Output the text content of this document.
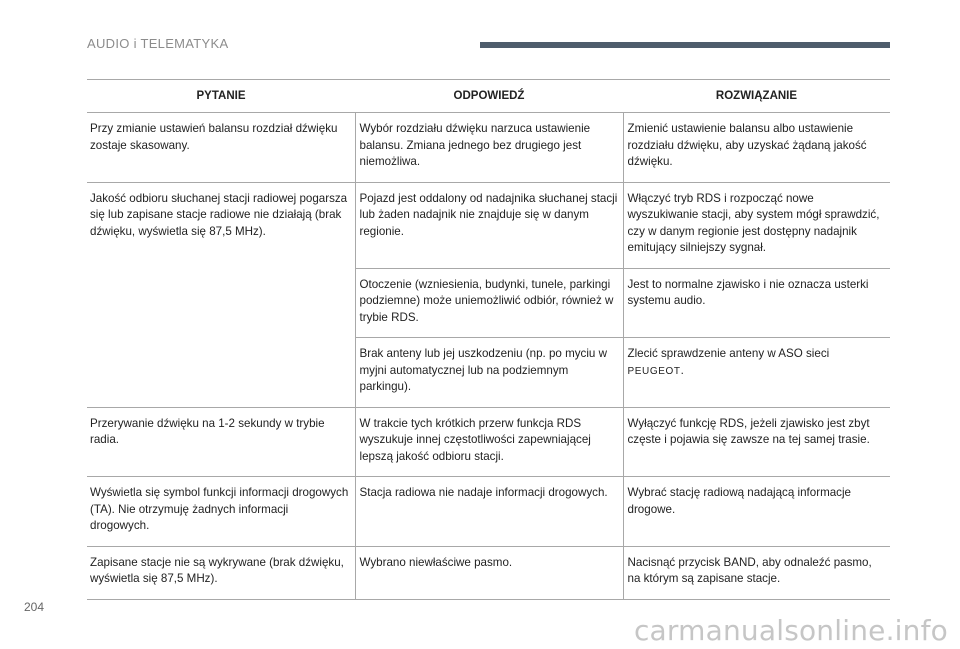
AUDIO i TELEMATYKA
PYTANIE	ODPOWIEDŹ	ROZWIĄZANIE
Przy zmianie ustawień balansu rozdział dźwięku zostaje skasowany.	Wybór rozdziału dźwięku narzuca ustawienie balansu. Zmiana jednego bez drugiego jest niemożliwa.	Zmienić ustawienie balansu albo ustawienie rozdziału dźwięku, aby uzyskać żądaną jakość dźwięku.
Jakość odbioru słuchanej stacji radiowej pogarsza się lub zapisane stacje radiowe nie działają (brak dźwięku, wyświetla się 87,5 MHz).	Pojazd jest oddalony od nadajnika słuchanej stacji lub żaden nadajnik nie znajduje się w danym regionie.	Włączyć tryb RDS i rozpocząć nowe wyszukiwanie stacji, aby system mógł sprawdzić, czy w danym regionie jest dostępny nadajnik emitujący silniejszy sygnał.
	Otoczenie (wzniesienia, budynki, tunele, parkingi podziemne) może uniemożliwić odbiór, również w trybie RDS.	Jest to normalne zjawisko i nie oznacza usterki systemu audio.
	Brak anteny lub jej uszkodzeniu (np. po myciu w myjni automatycznej lub na podziemnym parkingu).	Zlecić sprawdzenie anteny w ASO sieci
PEUGEOT.
Przerywanie dźwięku na 1-2 sekundy w trybie radia.	W trakcie tych krótkich przerw funkcja RDS wyszukuje innej częstotliwości zapewniającej lepszą jakość odbioru stacji.	Wyłączyć funkcję RDS, jeżeli zjawisko jest zbyt częste i pojawia się zawsze na tej samej trasie.
Wyświetla się symbol funkcji informacji drogowych (TA). Nie otrzymuję żadnych informacji drogowych.	Stacja radiowa nie nadaje informacji drogowych.	Wybrać stację radiową nadającą informacje drogowe.
Zapisane stacje nie są wykrywane (brak dźwięku, wyświetla się 87,5 MHz).	Wybrano niewłaściwe pasmo.	Nacisnąć przycisk BAND, aby odnaleźć pasmo, na którym są zapisane stacje.
204
carmanualsonline.info
